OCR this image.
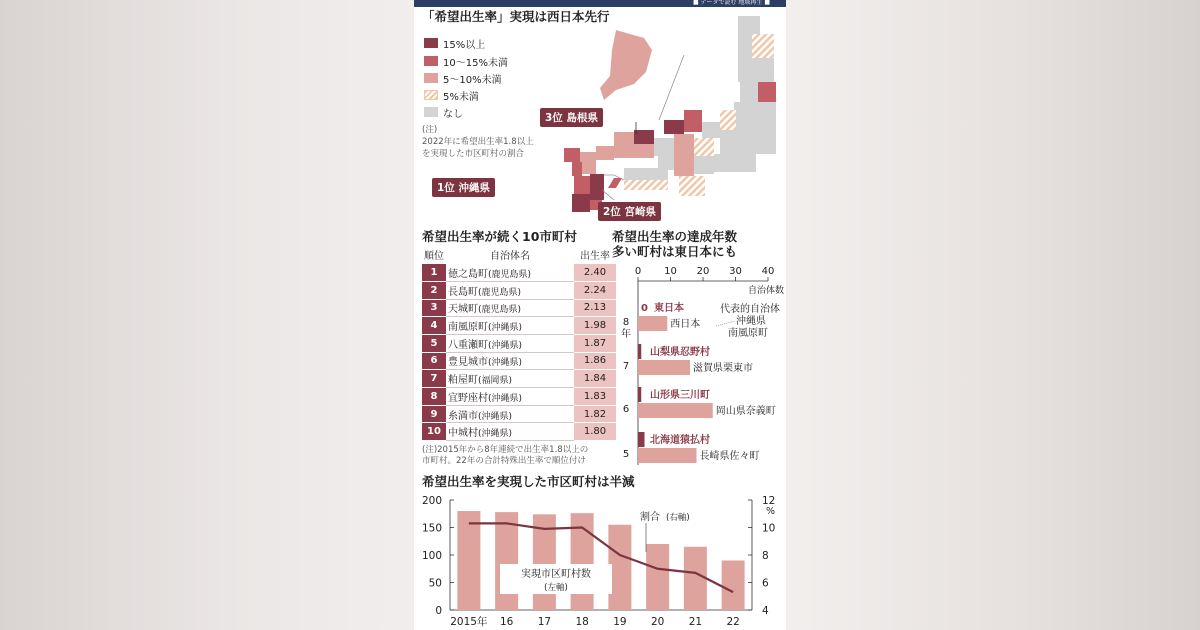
■ データで読む 地域再生 ■
「希望出生率」実現は西日本先行
15%以上
10～15%未満
5～10%未満
5%未満
なし
(注)
2022年に希望出生率1.8以上
を実現した市区町村の割合
3位 島根県
1位 沖縄県
2位 宮崎県
希望出生率が続く10市町村
順位	自治体名	出生率
1	徳之島町(鹿児島県)	2.40
2	長島町(鹿児島県)	2.24
3	天城町(鹿児島県)	2.13
4	南風原町(沖縄県)	1.98
5	八重瀬町(沖縄県)	1.87
6	豊見城市(沖縄県)	1.86
7	粕屋町(福岡県)	1.84
8	宜野座村(沖縄県)	1.83
9	糸満市(沖縄県)	1.82
10	中城村(沖縄県)	1.80
(注)2015年から8年連続で出生率1.8以上の
市町村。22年の合計特殊出生率で順位付け
希望出生率の達成年数
多い町村は東日本にも
0 10 20 30 40
自治体数
8
年
0 東日本
西日本
代表的自治体
沖縄県
南風原町
7
山梨県忍野村
滋賀県栗東市
6
山形県三川町
岡山県奈義町
5
北海道猿払村
長崎県佐々町
希望出生率を実現した市区町村は半減
0
50
100
150
200
4
6
8
10
12
%
2015年 16 17 18 19 20 21 22
割合 (右軸)
実現市区町村数
(左軸)
